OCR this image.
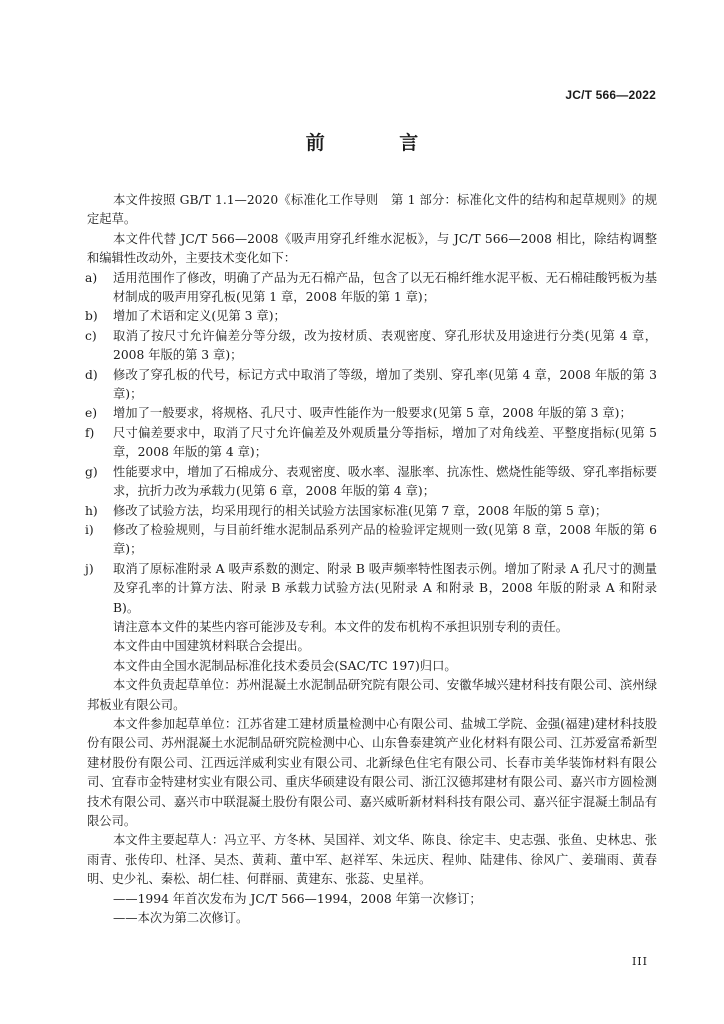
JC/T 566—2022
前 言

本文件按照 GB/T 1.1—2020《标准化工作导则　第 1 部分：标准化文件的结构和起草规则》的规定起草。

本文件代替 JC/T 566—2008《吸声用穿孔纤维水泥板》，与 JC/T 566—2008 相比，除结构调整和编辑性改动外，主要技术变化如下：

a)	适用范围作了修改，明确了产品为无石棉产品，包含了以无石棉纤维水泥平板、无石棉硅酸钙板为基材制成的吸声用穿孔板(见第 1 章，2008 年版的第 1 章)；
b)	增加了术语和定义(见第 3 章)；
c)	取消了按尺寸允许偏差分等分级，改为按材质、表观密度、穿孔形状及用途进行分类(见第 4 章，2008 年版的第 3 章)；
d)	修改了穿孔板的代号，标记方式中取消了等级，增加了类别、穿孔率(见第 4 章，2008 年版的第 3 章)；
e)	增加了一般要求，将规格、孔尺寸、吸声性能作为一般要求(见第 5 章，2008 年版的第 3 章)；
f)	尺寸偏差要求中，取消了尺寸允许偏差及外观质量分等指标，增加了对角线差、平整度指标(见第 5 章，2008 年版的第 4 章)；
g)	性能要求中，增加了石棉成分、表观密度、吸水率、湿胀率、抗冻性、燃烧性能等级、穿孔率指标要求，抗折力改为承载力(见第 6 章，2008 年版的第 4 章)；
h)	修改了试验方法，均采用现行的相关试验方法国家标准(见第 7 章，2008 年版的第 5 章)；
i)	修改了检验规则，与目前纤维水泥制品系列产品的检验评定规则一致(见第 8 章，2008 年版的第 6 章)；
j)	取消了原标准附录 A 吸声系数的测定、附录 B 吸声频率特性图表示例。增加了附录 A 孔尺寸的测量及穿孔率的计算方法、附录 B 承载力试验方法(见附录 A 和附录 B，2008 年版的附录 A 和附录 B)。

请注意本文件的某些内容可能涉及专利。本文件的发布机构不承担识别专利的责任。

本文件由中国建筑材料联合会提出。

本文件由全国水泥制品标准化技术委员会(SAC/TC 197)归口。

本文件负责起草单位：苏州混凝土水泥制品研究院有限公司、安徽华城兴建材科技有限公司、滨州绿邦板业有限公司。

本文件参加起草单位：江苏省建工建材质量检测中心有限公司、盐城工学院、金强(福建)建材科技股份有限公司、苏州混凝土水泥制品研究院检测中心、山东鲁泰建筑产业化材料有限公司、江苏爱富希新型建材股份有限公司、江西远洋威利实业有限公司、北新绿色住宅有限公司、长春市美华装饰材料有限公司、宜春市金特建材实业有限公司、重庆华硕建设有限公司、浙江汉德邦建材有限公司、嘉兴市方圆检测技术有限公司、嘉兴市中联混凝土股份有限公司、嘉兴威昕新材料科技有限公司、嘉兴征宇混凝土制品有限公司。

本文件主要起草人：冯立平、方冬林、吴国祥、刘文华、陈良、徐定丰、史志强、张鱼、史林忠、张雨青、张传印、杜泽、吴杰、黄莉、董中军、赵祥军、朱远庆、程帅、陆建伟、徐风广、姜瑞雨、黄春明、史少礼、秦松、胡仁桂、何群丽、黄建东、张蕊、史星祥。

——1994 年首次发布为 JC/T 566—1994，2008 年第一次修订；

——本次为第二次修订。

III
